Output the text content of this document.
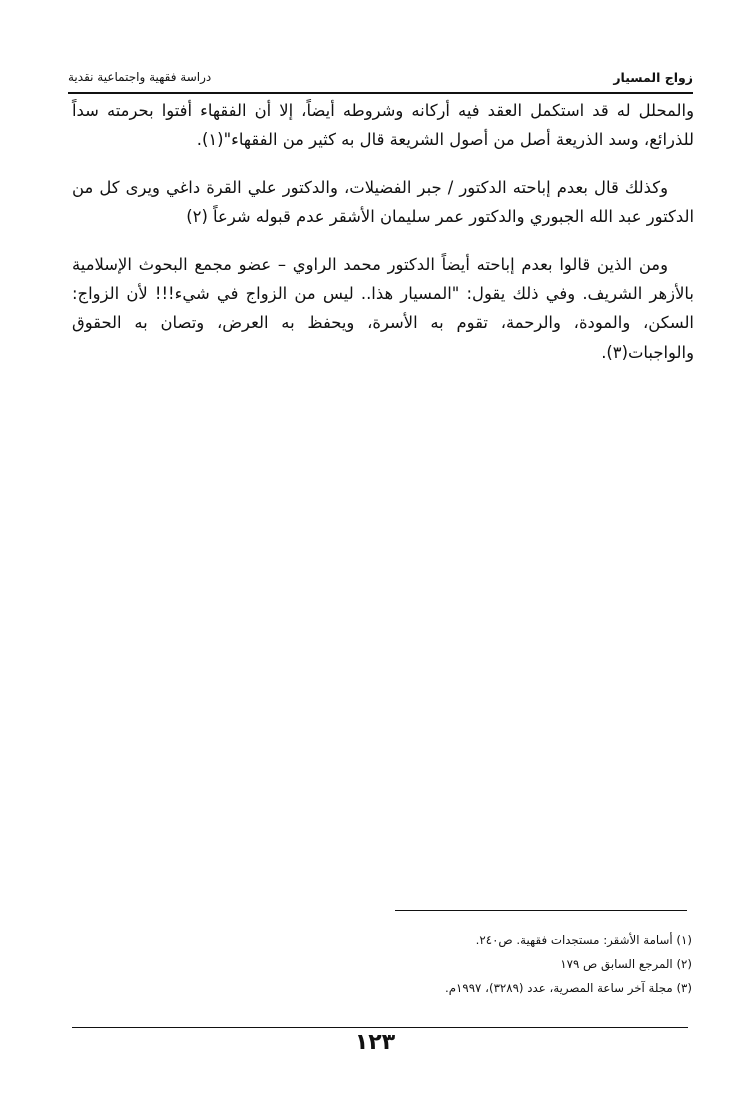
زواج المسيار
دراسة فقهية واجتماعية نقدية

والمحلل له قد استكمل العقد فيه أركانه وشروطه أيضاً، إلا أن الفقهاء أفتوا بحرمته سداً للذرائع، وسد الذريعة أصل من أصول الشريعة قال به كثير من الفقهاء"(١).

وكذلك قال بعدم إباحته الدكتور / جبر الفضيلات، والدكتور علي القرة داغي ويرى كل من الدكتور عبد الله الجبوري والدكتور عمر سليمان الأشقر عدم قبوله شرعاً (٢)

ومن الذين قالوا بعدم إباحته أيضاً الدكتور محمد الراوي – عضو مجمع البحوث الإسلامية بالأزهر الشريف. وفي ذلك يقول: "المسيار هذا.. ليس من الزواج في شيء!!! لأن الزواج: السكن، والمودة، والرحمة، تقوم به الأسرة، ويحفظ به العرض، وتصان به الحقوق والواجبات(٣).

(١) أسامة الأشقر: مستجدات فقهية. ص٢٤٠.
(٢) المرجع السابق ص ١٧٩
(٣) مجلة آخر ساعة المصرية، عدد (٣٢٨٩)، ١٩٩٧م.
١٢٣
